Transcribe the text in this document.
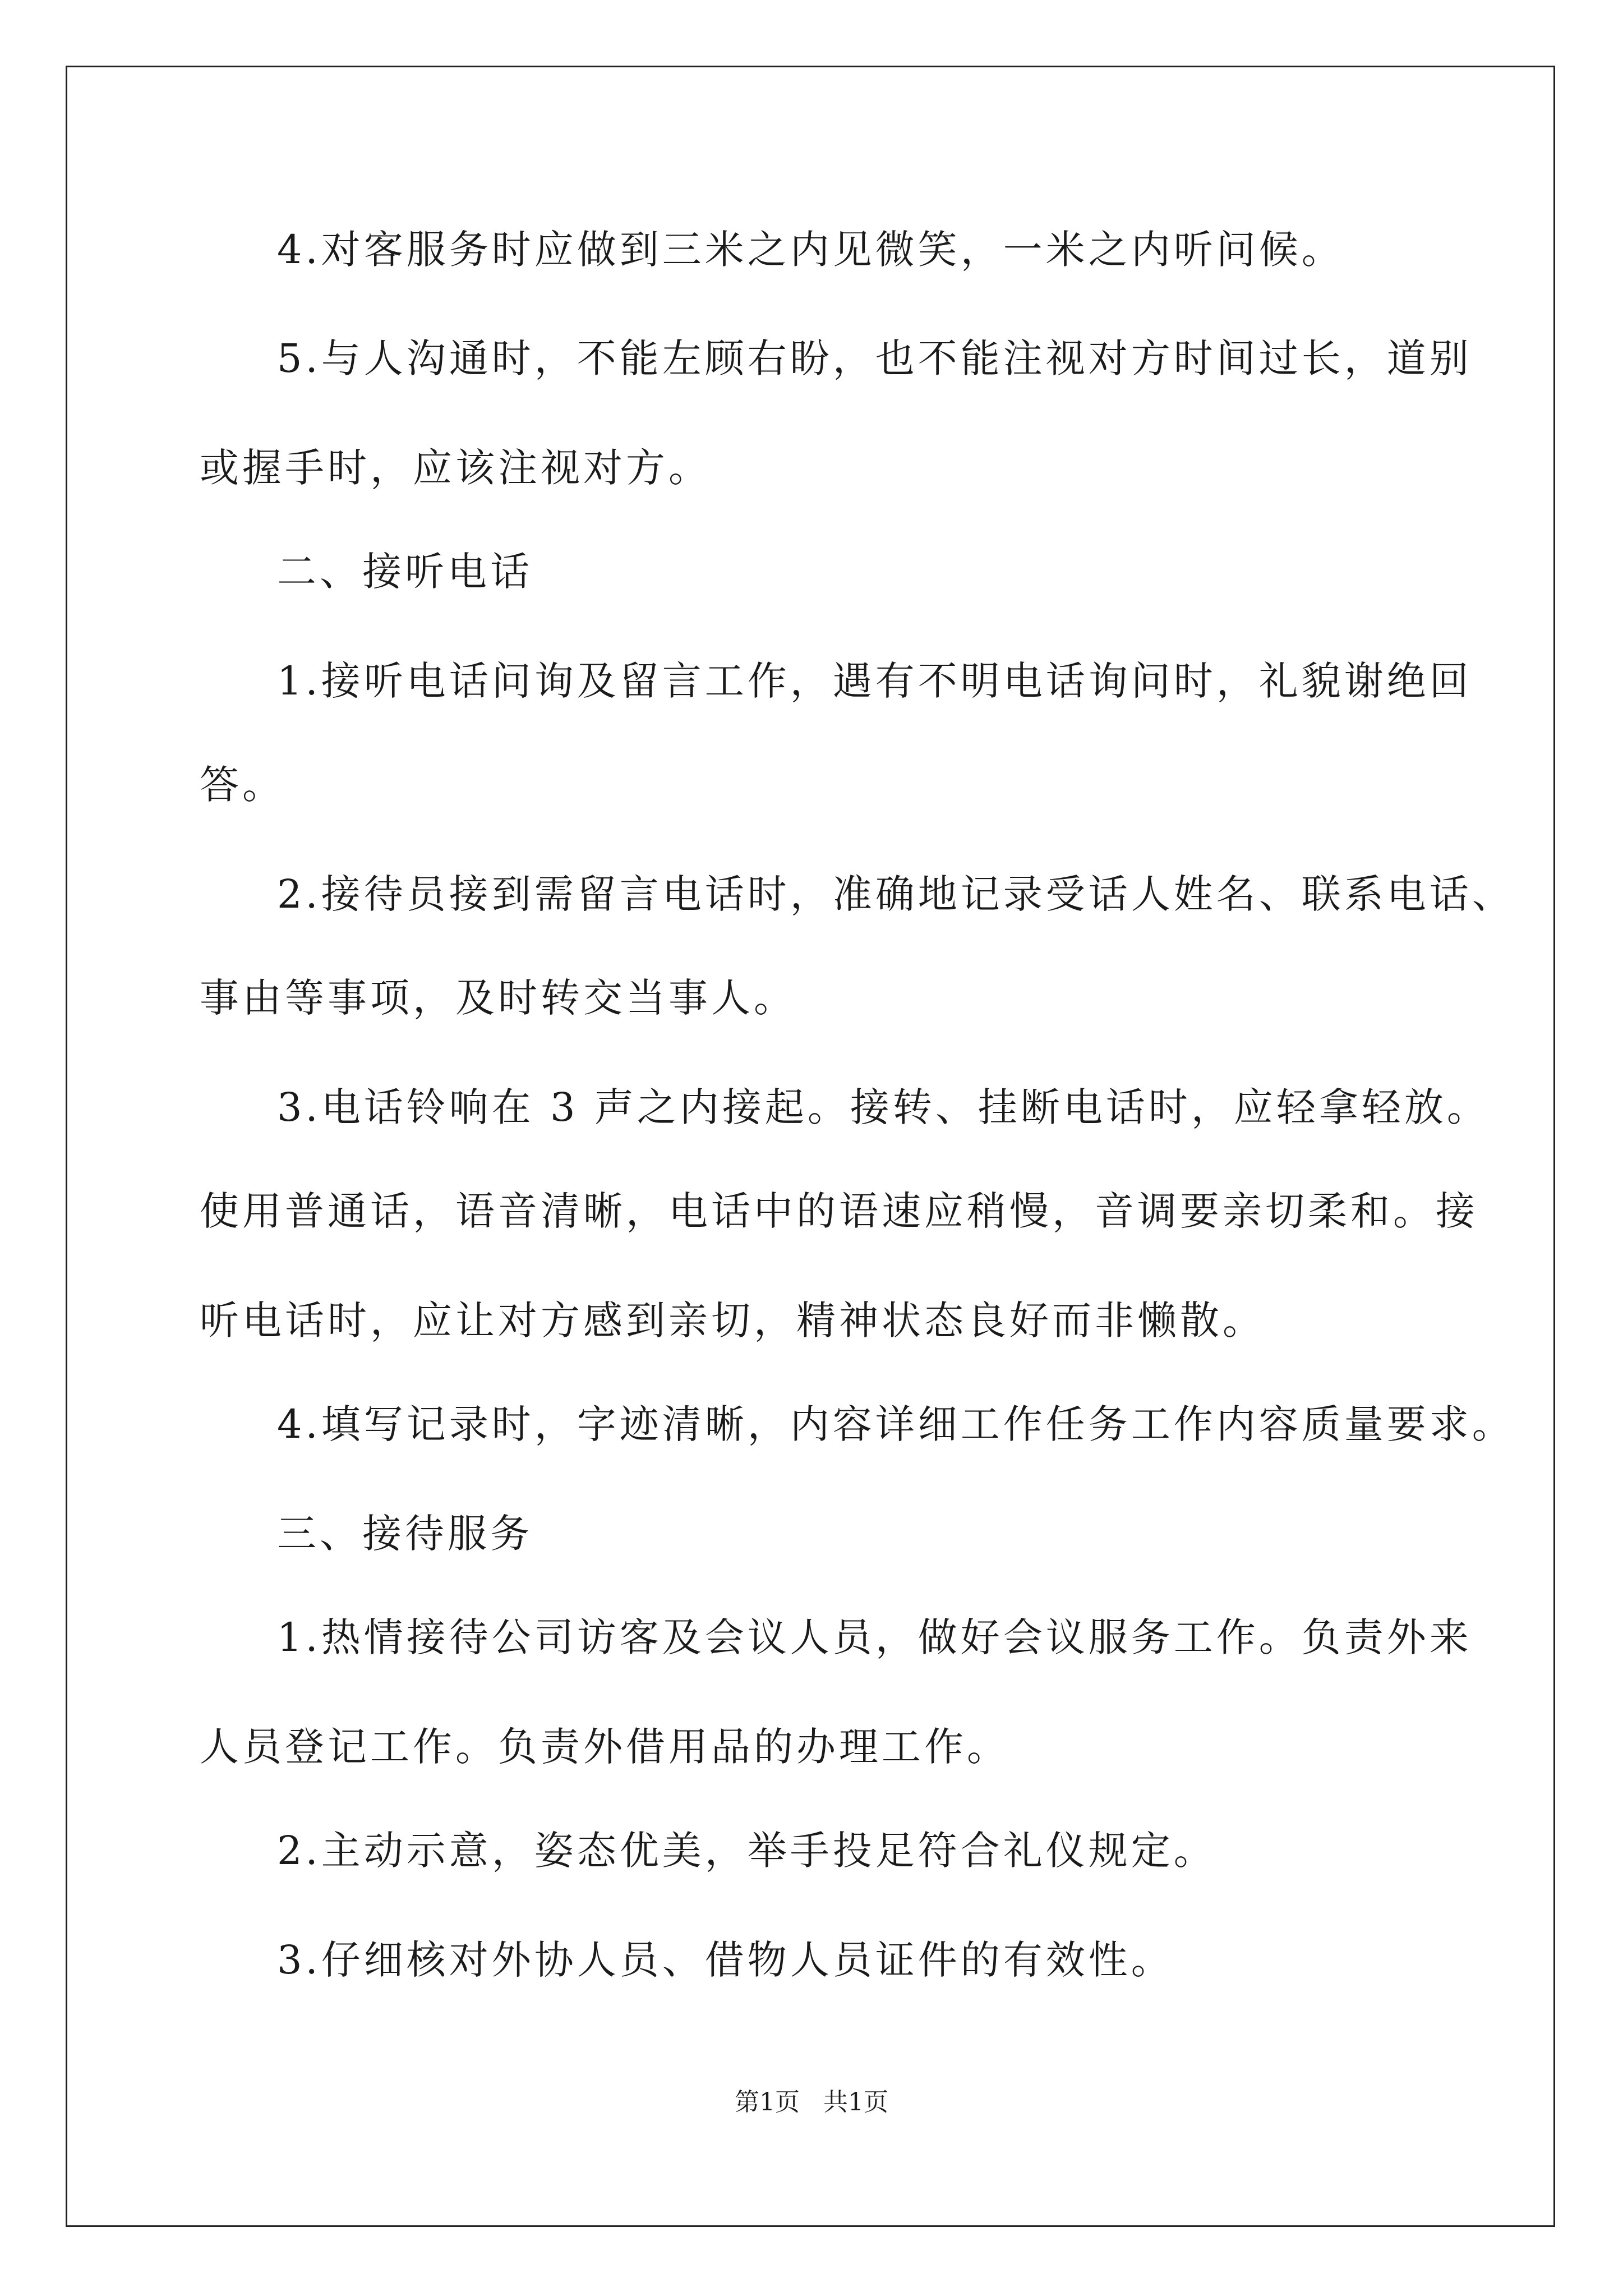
4.对客服务时应做到三米之内见微笑，一米之内听问候。
5.与人沟通时，不能左顾右盼，也不能注视对方时间过长，道别
或握手时，应该注视对方。
二、接听电话
1.接听电话问询及留言工作，遇有不明电话询问时，礼貌谢绝回
答。
2.接待员接到需留言电话时，准确地记录受话人姓名、联系电话、
事由等事项，及时转交当事人。
3.电话铃响在 3 声之内接起。接转、挂断电话时，应轻拿轻放。
使用普通话，语音清晰，电话中的语速应稍慢，音调要亲切柔和。接
听电话时，应让对方感到亲切，精神状态良好而非懒散。
4.填写记录时，字迹清晰，内容详细工作任务工作内容质量要求。
三、接待服务
1.热情接待公司访客及会议人员，做好会议服务工作。负责外来
人员登记工作。负责外借用品的办理工作。
2.主动示意，姿态优美，举手投足符合礼仪规定。
3.仔细核对外协人员、借物人员证件的有效性。
第1页   共1页
